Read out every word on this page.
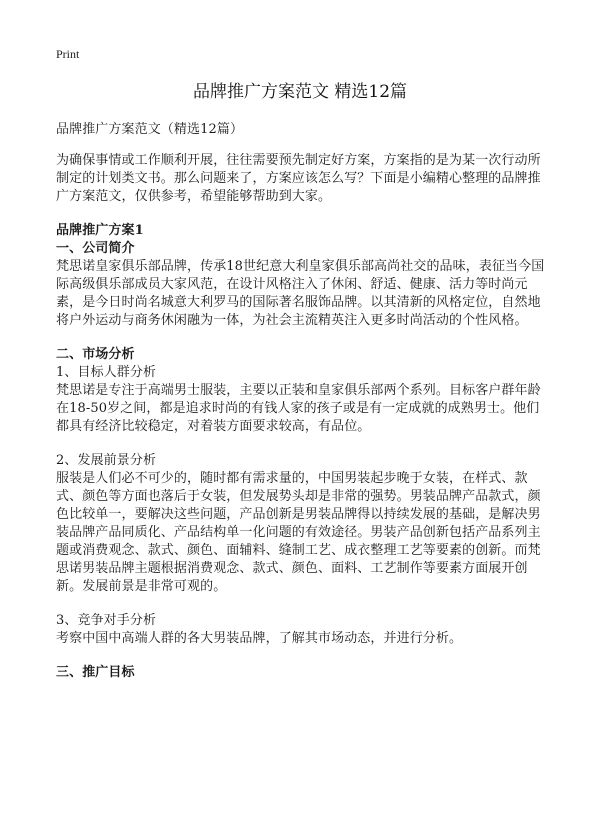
Print
品牌推广方案范文 精选12篇

品牌推广方案范文（精选12篇）

为确保事情或工作顺利开展，往往需要预先制定好方案，方案指的是为某一次行动所制定的计划类文书。那么问题来了，方案应该怎么写？下面是小编精心整理的品牌推广方案范文，仅供参考，希望能够帮助到大家。

品牌推广方案1

一、公司简介

梵思诺皇家俱乐部品牌，传承18世纪意大利皇家俱乐部高尚社交的品味，表征当今国际高级俱乐部成员大家风范，在设计风格注入了休闲、舒适、健康、活力等时尚元素，是今日时尚名城意大利罗马的国际著名服饰品牌。以其清新的风格定位，自然地将户外运动与商务休闲融为一体，为社会主流精英注入更多时尚活动的个性风格。

二、市场分析

1、目标人群分析

梵思诺是专注于高端男士服装，主要以正装和皇家俱乐部两个系列。目标客户群年龄在18-50岁之间，都是追求时尚的有钱人家的孩子或是有一定成就的成熟男士。他们都具有经济比较稳定，对着装方面要求较高，有品位。

2、发展前景分析

服装是人们必不可少的，随时都有需求量的，中国男装起步晚于女装，在样式、款式、颜色等方面也落后于女装，但发展势头却是非常的强势。男装品牌产品款式，颜色比较单一，要解决这些问题，产品创新是男装品牌得以持续发展的基础，是解决男装品牌产品同质化、产品结构单一化问题的有效途径。男装产品创新包括产品系列主题或消费观念、款式、颜色、面辅料、缝制工艺、成衣整理工艺等要素的创新。而梵思诺男装品牌主题根据消费观念、款式、颜色、面料、工艺制作等要素方面展开创新。发展前景是非常可观的。

3、竞争对手分析

考察中国中高端人群的各大男装品牌，了解其市场动态，并进行分析。

三、推广目标
